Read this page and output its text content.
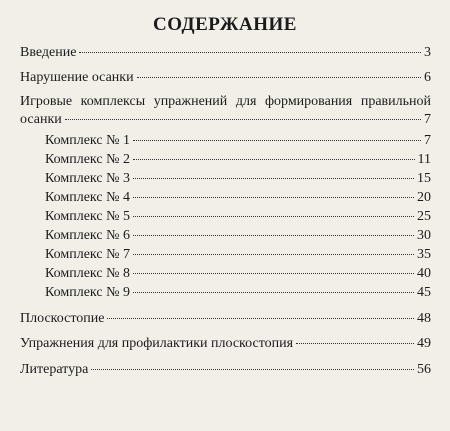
СОДЕРЖАНИЕ
Введение	3
Нарушение осанки	6
Игровые комплексы упражнений для формирования правильной
осанки	7
Комплекс № 1	7
Комплекс № 2	11
Комплекс № 3	15
Комплекс № 4	20
Комплекс № 5	25
Комплекс № 6	30
Комплекс № 7	35
Комплекс № 8	40
Комплекс № 9	45
Плоскостопие	48
Упражнения для профилактики плоскостопия	49
Литература	56
